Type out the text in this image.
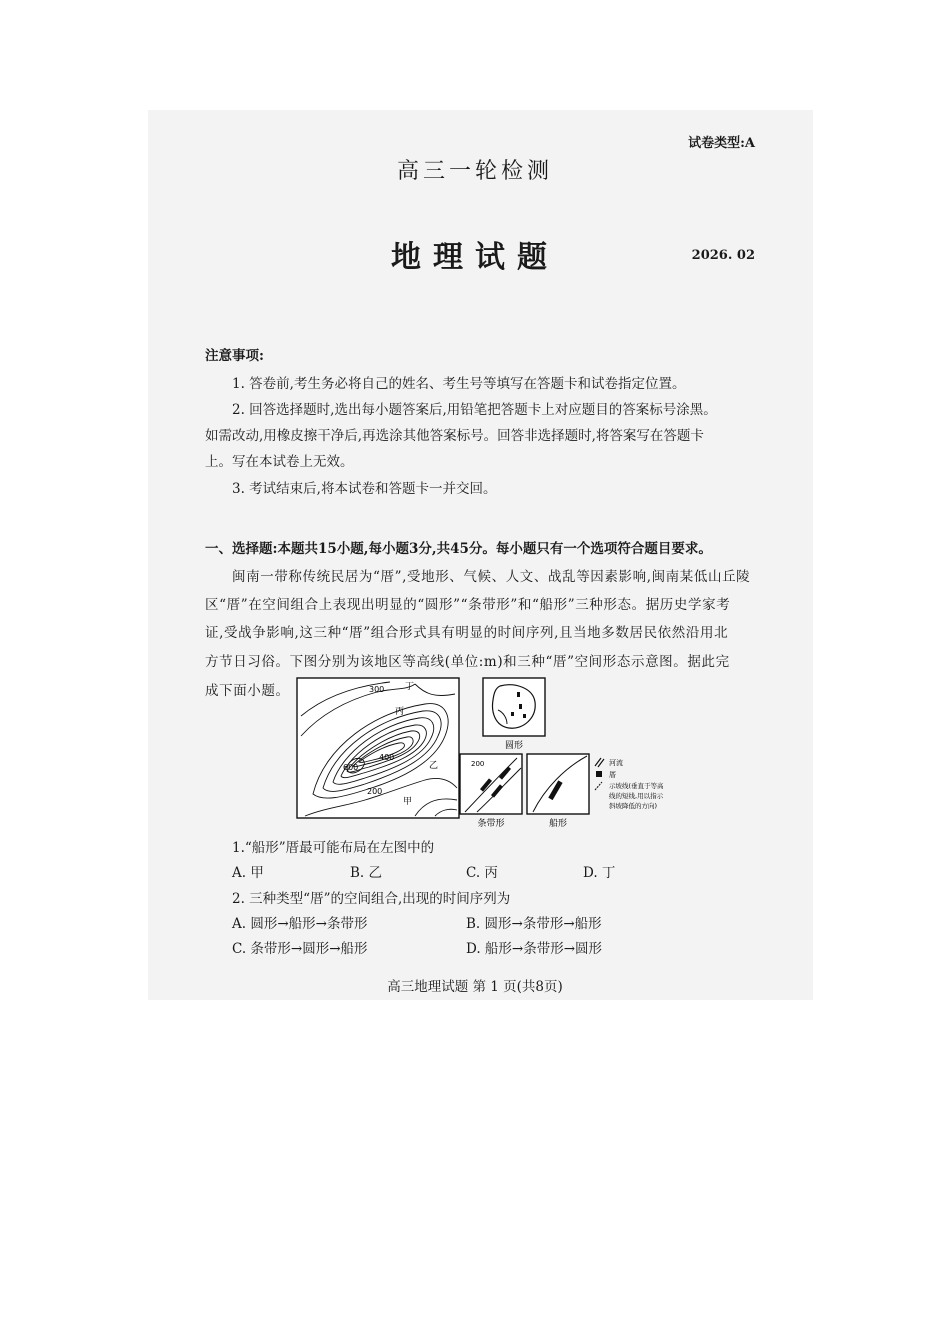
试卷类型:A
高三一轮检测
地理试题	2026. 02
注意事项:
1. 答卷前,考生务必将自己的姓名、考生号等填写在答题卡和试卷指定位置。
2. 回答选择题时,选出每小题答案后,用铅笔把答题卡上对应题目的答案标号涂黑。
如需改动,用橡皮擦干净后,再选涂其他答案标号。回答非选择题时,将答案写在答题卡
上。写在本试卷上无效。
3. 考试结束后,将本试卷和答题卡一并交回。
一、选择题:本题共15小题,每小题3分,共45分。每小题只有一个选项符合题目要求。
闽南一带称传统民居为“厝”,受地形、气候、人文、战乱等因素影响,闽南某低山丘陵
区“厝”在空间组合上表现出明显的“圆形”“条带形”和“船形”三种形态。据历史学家考
证,受战争影响,这三种“厝”组合形式具有明显的时间序列,且当地多数居民依然沿用北
方节日习俗。下图分别为该地区等高线(单位:m)和三种“厝”空间形态示意图。据此完
成下面小题。	300 丁
丙
400
600
200
乙
甲
圆形
200
条带形	船形
河流
厝
示坡线(垂直于等高
线的短线,用以指示
斜坡降低的方向)
1.“船形”厝最可能布局在左图中的
A. 甲	B. 乙	C. 丙	D. 丁
2. 三种类型“厝”的空间组合,出现的时间序列为
A. 圆形→船形→条带形	B. 圆形→条带形→船形
C. 条带形→圆形→船形	D. 船形→条带形→圆形
高三地理试题 第 1 页(共8页)
